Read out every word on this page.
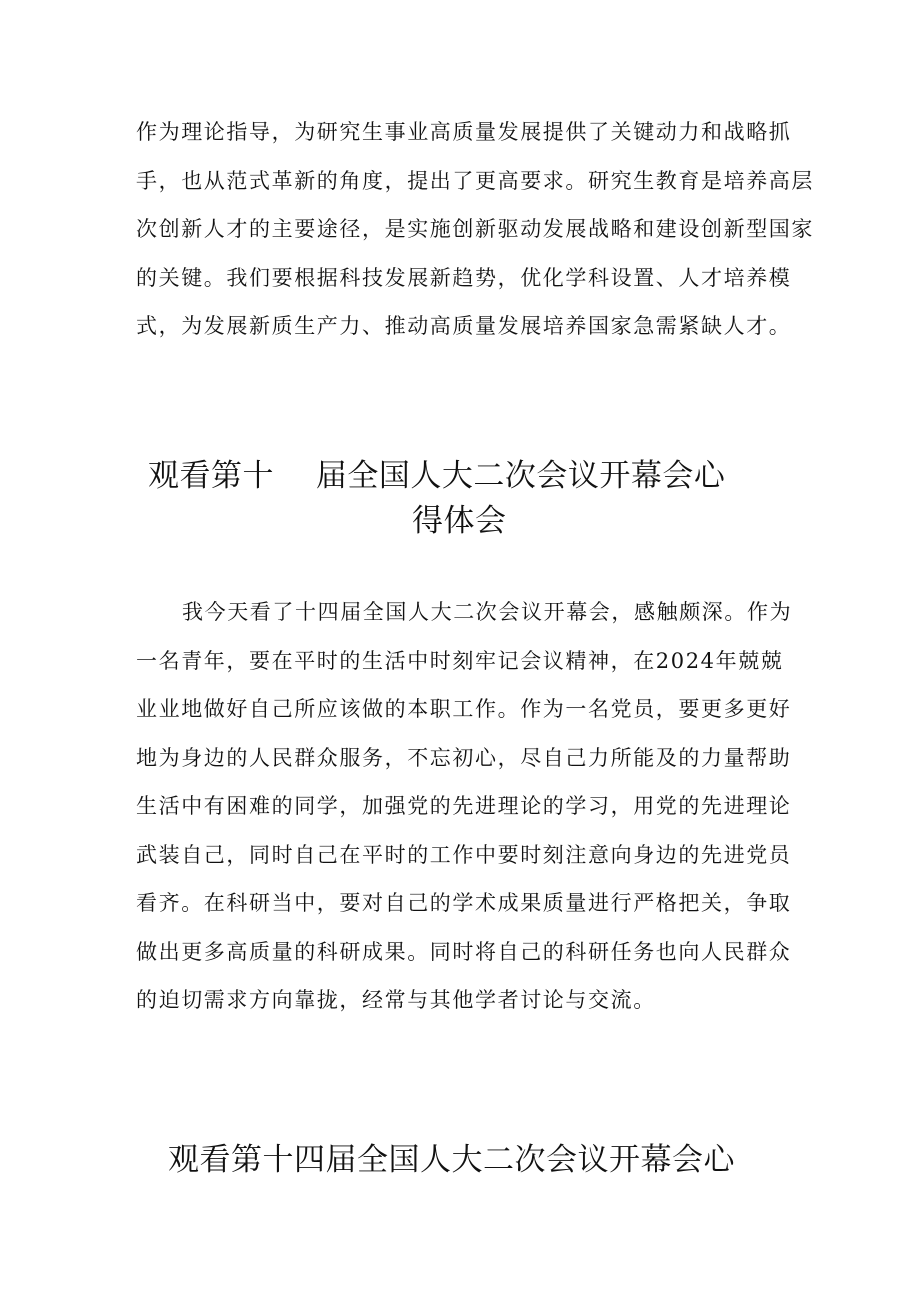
作为理论指导，为研究生事业高质量发展提供了关键动力和战略抓手，也从范式革新的角度，提出了更高要求。研究生教育是培养高层次创新人才的主要途径，是实施创新驱动发展战略和建设创新型国家的关键。我们要根据科技发展新趋势，优化学科设置、人才培养模式，为发展新质生产力、推动高质量发展培养国家急需紧缺人才。

观看第十　 届全国人大二次会议开幕会心
得体会

我今天看了十四届全国人大二次会议开幕会，感触颇深。作为一名青年，要在平时的生活中时刻牢记会议精神，在2024年兢兢业业地做好自己所应该做的本职工作。作为一名党员，要更多更好地为身边的人民群众服务，不忘初心，尽自己力所能及的力量帮助生活中有困难的同学，加强党的先进理论的学习，用党的先进理论武装自己，同时自己在平时的工作中要时刻注意向身边的先进党员看齐。在科研当中，要对自己的学术成果质量进行严格把关，争取做出更多高质量的科研成果。同时将自己的科研任务也向人民群众的迫切需求方向靠拢，经常与其他学者讨论与交流。

观看第十四届全国人大二次会议开幕会心
